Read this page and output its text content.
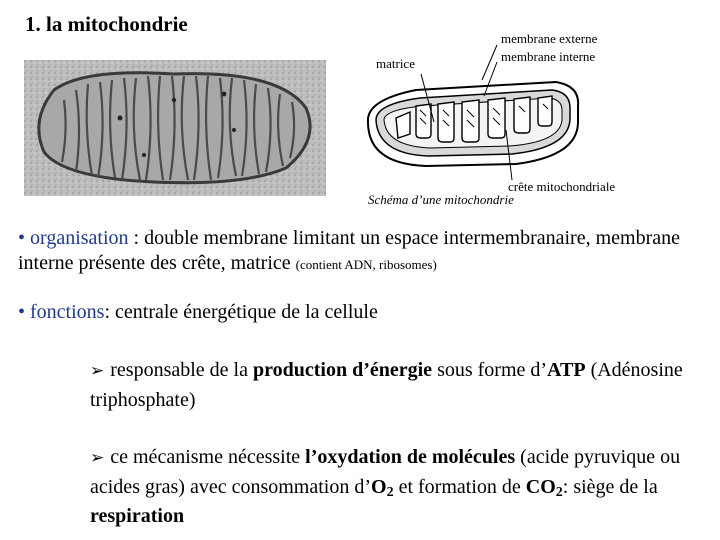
1. la mitochondrie
matrice
membrane externe
membrane interne
crête mitochondriale
Schéma d’une mitochondrie
• organisation : double membrane limitant un espace intermembranaire, membrane interne présente des crête, matrice (contient ADN, ribosomes)
• fonctions: centrale énergétique de la cellule
➢ responsable de la production d’énergie sous forme d’ATP (Adénosine triphosphate)
➢ ce mécanisme nécessite l’oxydation de molécules (acide pyruvique ou acides gras) avec consommation $d’O_2$ et formation de $CO_2$: siège de la respiration
